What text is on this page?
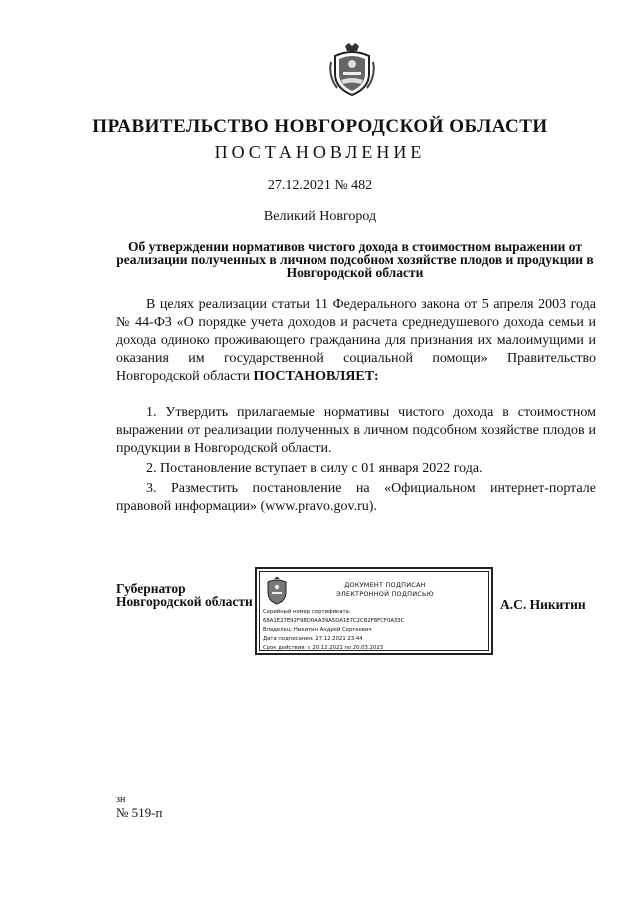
ПРАВИТЕЛЬСТВО НОВГОРОДСКОЙ ОБЛАСТИ
ПОСТАНОВЛЕНИЕ
27.12.2021 № 482
Великий Новгород
Об утверждении нормативов чистого дохода в стоимостном выражении от реализации полученных в личном подсобном хозяйстве плодов и продукции в Новгородской области
В целях реализации статьи 11 Федерального закона от 5 апреля 2003 года № 44-ФЗ «О порядке учета доходов и расчета среднедушевого дохода семьи и дохода одиноко проживающего гражданина для признания их малоимущими и оказания им государственной социальной помощи» Правительство Новгородской области ПОСТАНОВЛЯЕТ:
1. Утвердить прилагаемые нормативы чистого дохода в стоимостном выражении от реализации полученных в личном подсобном хозяйстве плодов и продукции в Новгородской области.
2. Постановление вступает в силу с 01 января 2022 года.
3. Разместить постановление на «Официальном интернет-портале правовой информации» (www.pravo.gov.ru).
Губернатор
Новгородской области
ДОКУМЕНТ ПОДПИСАН
ЭЛЕКТРОННОЙ ПОДПИСЬЮ
Серийный номер сертификата:
68A1E27E92F98D0AA39A5DA1E7C2CB2F8FCF0A33C
Владелец: Никитин Андрей Сергеевич
Дата подписания: 27.12.2021 23:44
Срок действия: с 20.12.2021 по 20.03.2023
А.С. Никитин
зн
№ 519-п
